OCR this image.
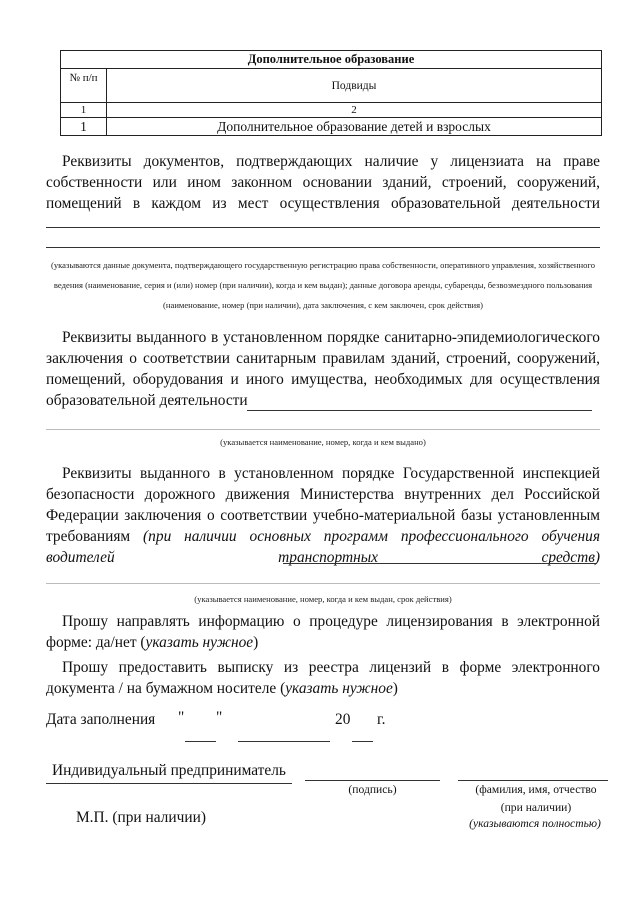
Дополнительное образование	
№ п/п	Подвиды
1	2
1	Дополнительное образование детей и взрослых
Реквизиты документов, подтверждающих наличие у лицензиата на праве собственности или ином законном основании зданий, строений, сооружений, помещений в каждом из мест осуществления образовательной деятельности
(указываются данные документа, подтверждающего государственную регистрацию права собственности, оперативного управления, хозяйственного ведения (наименование, серия и (или) номер (при наличии), когда и кем выдан); данные договора аренды, субаренды, безвозмездного пользования (наименование, номер (при наличии), дата заключения, с кем заключен, срок действия)
Реквизиты выданного в установленном порядке санитарно-эпидемиологического заключения о соответствии санитарным правилам зданий, строений, сооружений, помещений, оборудования и иного имущества, необходимых для осуществления образовательной деятельности
(указывается наименование, номер, когда и кем выдано)
Реквизиты выданного в установленном порядке Государственной инспекцией безопасности дорожного движения Министерства внутренних дел Российской Федерации заключения о соответствии учебно-материальной базы установленным требованиям (при наличии основных программ профессионального обучения водителей транспортных средств)
(указывается наименование, номер, когда и кем выдан, срок действия)
Прошу направлять информацию о процедуре лицензирования в электронной форме: да/нет (указать нужное)
Прошу предоставить выписку из реестра лицензий в форме электронного документа / на бумажном носителе (указать нужное)
Дата заполнения " "	20 г.
Индивидуальный предприниматель
(подпись)	(фамилия, имя, отчество
(при наличии)
(указываются полностью)
М.П. (при наличии)
